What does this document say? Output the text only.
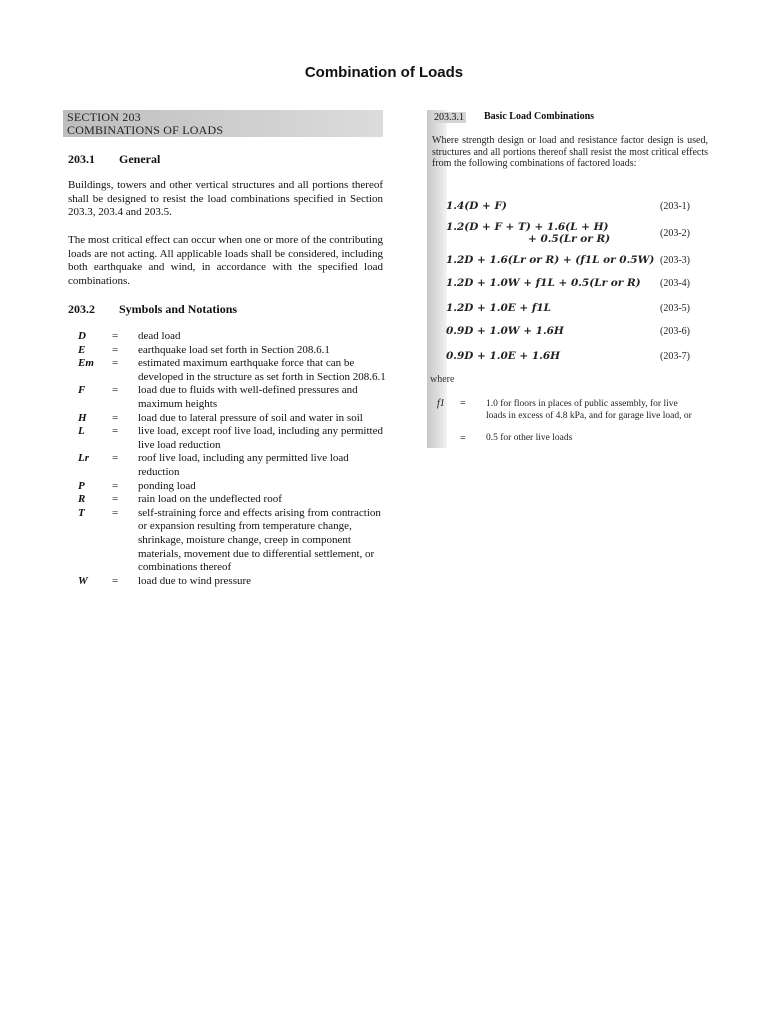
Combination of Loads
SECTION 203
COMBINATIONS OF LOADS
203.1 General

Buildings, towers and other vertical structures and all portions thereof shall be designed to resist the load combinations specified in Section 203.3, 203.4 and 203.5.

The most critical effect can occur when one or more of the contributing loads are not acting. All applicable loads shall be considered, including both earthquake and wind, in accordance with the specified load combinations.

203.2 Symbols and Notations
D	= dead load
E	= earthquake load set forth in Section 208.6.1
Em	= estimated maximum earthquake force that can be developed in the structure as set forth in Section 208.6.1
F	= load due to fluids with well-defined pressures and maximum heights
H	= load due to lateral pressure of soil and water in soil
L	= live load, except roof live load, including any permitted live load reduction
Lr	= roof live load, including any permitted live load reduction
P	= ponding load
R	= rain load on the undeflected roof
T	= self-straining force and effects arising from contraction or expansion resulting from temperature change, shrinkage, moisture change, creep in component materials, movement due to differential settlement, or combinations thereof
W	= load due to wind pressure
203.3.1 Basic Load Combinations

Where strength design or load and resistance factor design is used, structures and all portions thereof shall resist the most critical effects from the following combinations of factored loads:

1.4(D + F)	(203-1)
1.2(D + F + T) + 1.6(L + H)
+ 0.5(Lr or R)	(203-2)
1.2D + 1.6(Lr or R) + (f1L or 0.5W) (203-3)
1.2D + 1.0W + f1L + 0.5(Lr or R) (203-4)
1.2D + 1.0E + f1L	(203-5)
0.9D + 1.0W + 1.6H	(203-6)
0.9D + 1.0E + 1.6H	(203-7)
where
f1 = 1.0 for floors in places of public assembly, for live loads in excess of 4.8 kPa, and for garage live load, or
= 0.5 for other live loads
